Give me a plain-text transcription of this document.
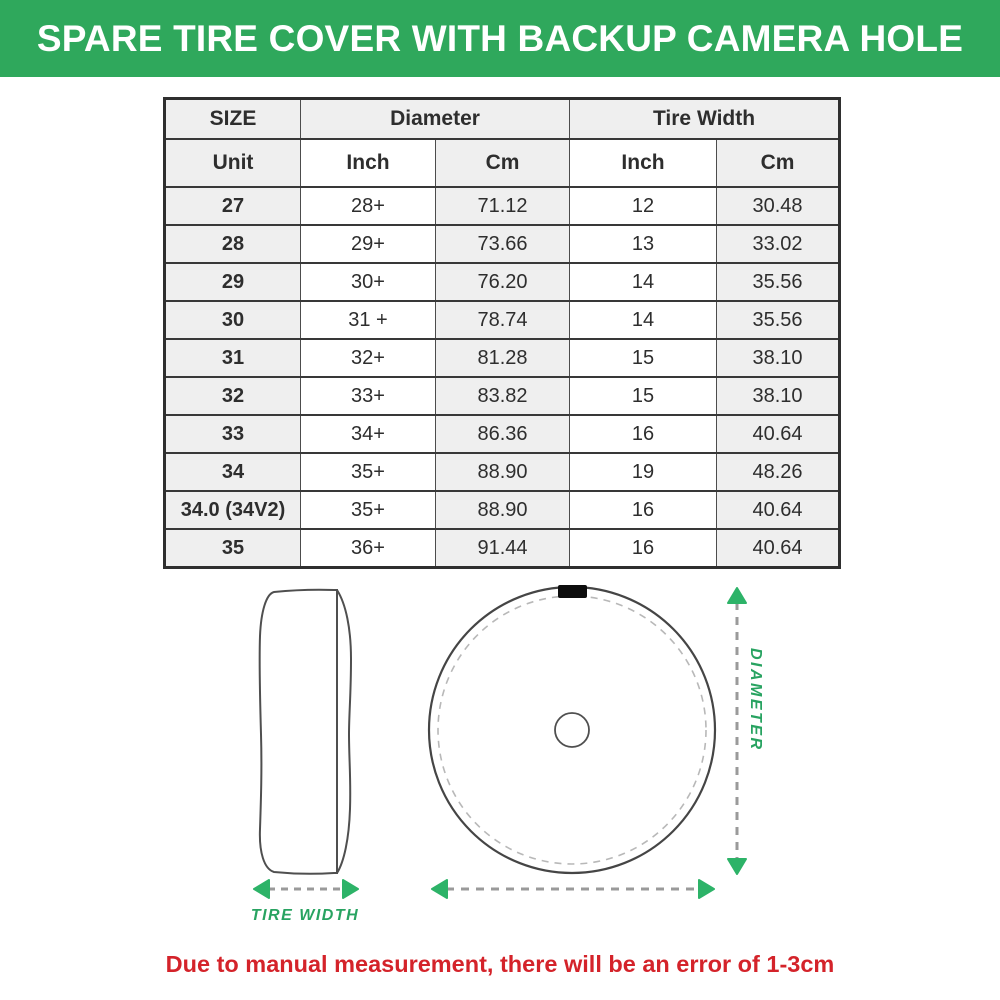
SPARE TIRE COVER WITH BACKUP CAMERA HOLE
SIZE	Diameter		Tire Width	
Unit	Inch	Cm	Inch	Cm
27	28+	71.12	12	30.48
28	29+	73.66	13	33.02
29	30+	76.20	14	35.56
30	31 +	78.74	14	35.56
31	32+	81.28	15	38.10
32	33+	83.82	15	38.10
33	34+	86.36	16	40.64
34	35+	88.90	19	48.26
34.0 (34V2)	35+	88.90	16	40.64
35	36+	91.44	16	40.64
TIRE WIDTH
DIAMETER
Due to manual measurement, there will be an error of 1-3cm
